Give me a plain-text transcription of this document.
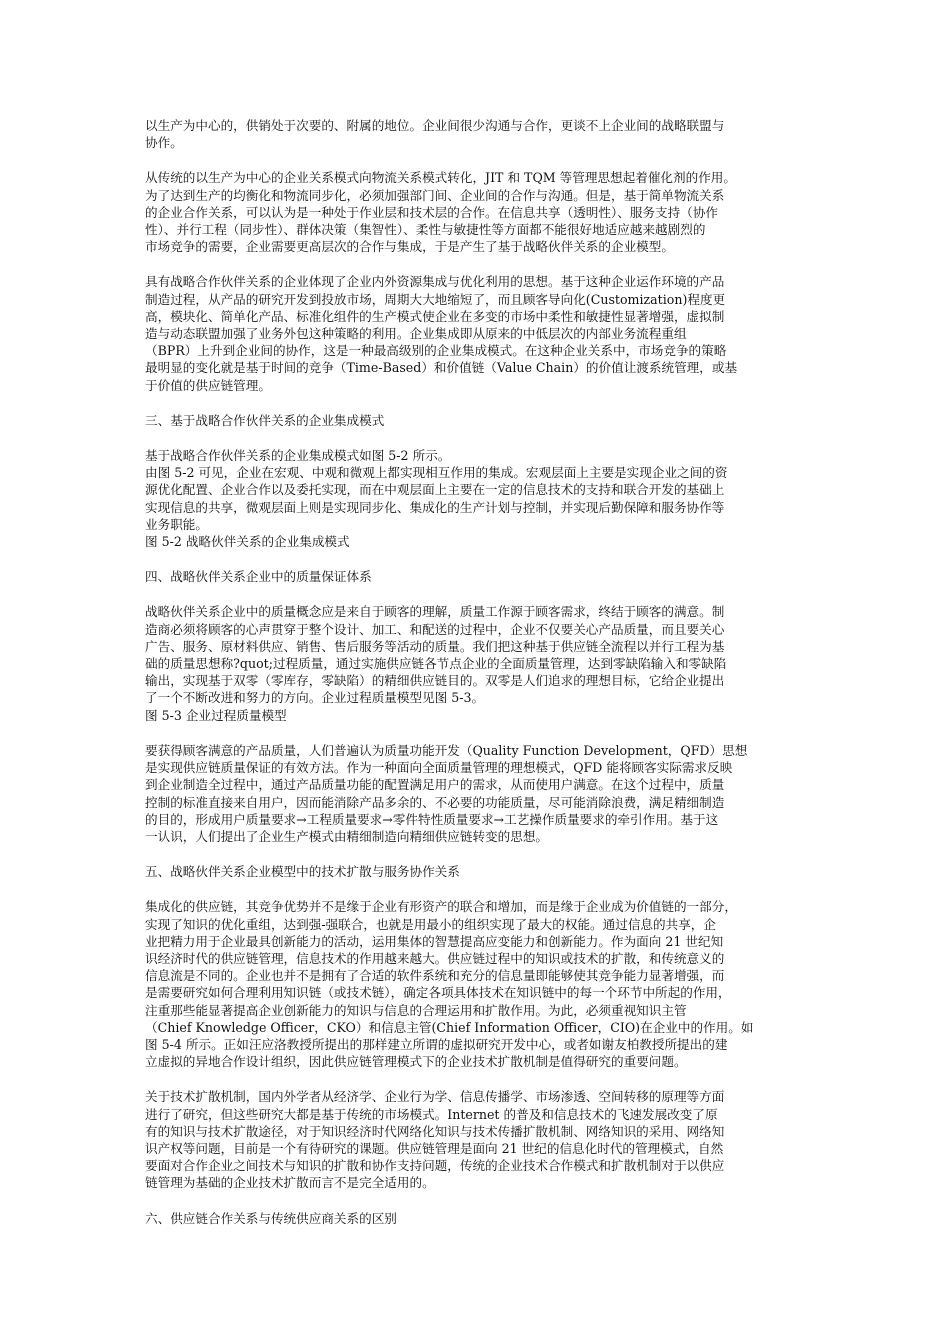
以生产为中心的，供销处于次要的、附属的地位。企业间很少沟通与合作，更谈不上企业间的战略联盟与
协作。
从传统的以生产为中心的企业关系模式向物流关系模式转化，JIT 和 TQM 等管理思想起着催化剂的作用。
为了达到生产的均衡化和物流同步化，必须加强部门间、企业间的合作与沟通。但是，基于简单物流关系
的企业合作关系，可以认为是一种处于作业层和技术层的合作。在信息共享（透明性）、服务支持（协作
性）、并行工程（同步性）、群体决策（集智性）、柔性与敏捷性等方面都不能很好地适应越来越剧烈的
市场竞争的需要，企业需要更高层次的合作与集成，于是产生了基于战略伙伴关系的企业模型。
具有战略合作伙伴关系的企业体现了企业内外资源集成与优化利用的思想。基于这种企业运作环境的产品
制造过程，从产品的研究开发到投放市场，周期大大地缩短了，而且顾客导向化(Customization)程度更
高，模块化、简单化产品、标准化组件的生产模式使企业在多变的市场中柔性和敏捷性显著增强，虚拟制
造与动态联盟加强了业务外包这种策略的利用。企业集成即从原来的中低层次的内部业务流程重组
（BPR）上升到企业间的协作，这是一种最高级别的企业集成模式。在这种企业关系中，市场竞争的策略
最明显的变化就是基于时间的竞争（Time-Based）和价值链（Value Chain）的价值让渡系统管理，或基
于价值的供应链管理。
三、基于战略合作伙伴关系的企业集成模式
基于战略合作伙伴关系的企业集成模式如图 5-2 所示。
由图 5-2 可见，企业在宏观、中观和微观上都实现相互作用的集成。宏观层面上主要是实现企业之间的资
源优化配置、企业合作以及委托实现，而在中观层面上主要在一定的信息技术的支持和联合开发的基础上
实现信息的共享，微观层面上则是实现同步化、集成化的生产计划与控制，并实现后勤保障和服务协作等
业务职能。
图 5-2 战略伙伴关系的企业集成模式
四、战略伙伴关系企业中的质量保证体系
战略伙伴关系企业中的质量概念应是来自于顾客的理解，质量工作源于顾客需求，终结于顾客的满意。制
造商必须将顾客的心声贯穿于整个设计、加工、和配送的过程中，企业不仅要关心产品质量，而且要关心
广告、服务、原材料供应、销售、售后服务等活动的质量。我们把这种基于供应链全流程以并行工程为基
础的质量思想称?quot;过程质量，通过实施供应链各节点企业的全面质量管理，达到零缺陷输入和零缺陷
输出，实现基于双零（零库存，零缺陷）的精细供应链目的。双零是人们追求的理想目标，它给企业提出
了一个不断改进和努力的方向。企业过程质量模型见图 5-3。
图 5-3 企业过程质量模型
要获得顾客满意的产品质量，人们普遍认为质量功能开发（Quality Function Development，QFD）思想
是实现供应链质量保证的有效方法。作为一种面向全面质量管理的理想模式，QFD 能将顾客实际需求反映
到企业制造全过程中，通过产品质量功能的配置满足用户的需求，从而使用户满意。在这个过程中，质量
控制的标准直接来自用户，因而能消除产品多余的、不必要的功能质量，尽可能消除浪费，满足精细制造
的目的，形成用户质量要求→工程质量要求→零件特性质量要求→工艺操作质量要求的牵引作用。基于这
一认识，人们提出了企业生产模式由精细制造向精细供应链转变的思想。
五、战略伙伴关系企业模型中的技术扩散与服务协作关系
集成化的供应链，其竞争优势并不是缘于企业有形资产的联合和增加，而是缘于企业成为价值链的一部分，
实现了知识的优化重组，达到强-强联合，也就是用最小的组织实现了最大的权能。通过信息的共享，企
业把精力用于企业最具创新能力的活动，运用集体的智慧提高应变能力和创新能力。作为面向 21 世纪知
识经济时代的供应链管理，信息技术的作用越来越大。供应链过程中的知识或技术的扩散，和传统意义的
信息流是不同的。企业也并不是拥有了合适的软件系统和充分的信息量即能够使其竞争能力显著增强，而
是需要研究如何合理利用知识链（或技术链），确定各项具体技术在知识链中的每一个环节中所起的作用，
注重那些能显著提高企业创新能力的知识与信息的合理运用和扩散作用。为此，必须重视知识主管
（Chief Knowledge Officer，CKO）和信息主管(Chief Information Officer，CIO)在企业中的作用。如
图 5-4 所示。正如汪应洛教授所提出的那样建立所谓的虚拟研究开发中心，或者如谢友柏教授所提出的建
立虚拟的异地合作设计组织，因此供应链管理模式下的企业技术扩散机制是值得研究的重要问题。
关于技术扩散机制，国内外学者从经济学、企业行为学、信息传播学、市场渗透、空间转移的原理等方面
进行了研究，但这些研究大都是基于传统的市场模式。Internet 的普及和信息技术的飞速发展改变了原
有的知识与技术扩散途径，对于知识经济时代网络化知识与技术传播扩散机制、网络知识的采用、网络知
识产权等问题，目前是一个有待研究的课题。供应链管理是面向 21 世纪的信息化时代的管理模式，自然
要面对合作企业之间技术与知识的扩散和协作支持问题，传统的企业技术合作模式和扩散机制对于以供应
链管理为基础的企业技术扩散而言不是完全适用的。
六、供应链合作关系与传统供应商关系的区别
